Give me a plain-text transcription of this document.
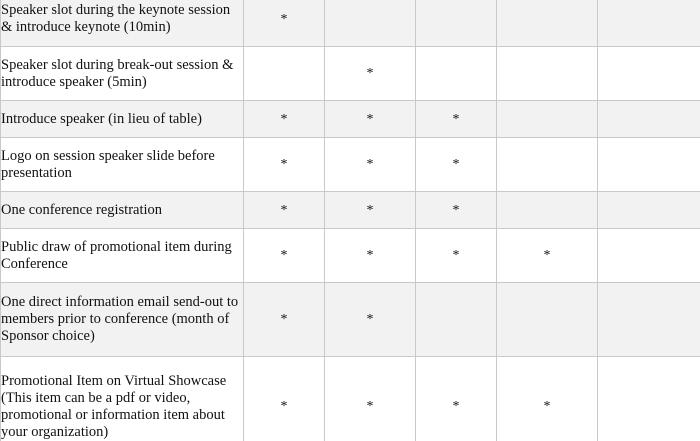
Speaker slot during the keynote session & introduce keynote (10min)	*				
Speaker slot during break-out session & introduce speaker (5min)		*			
Introduce speaker (in lieu of table)	*	*	*		
Logo on session speaker slide before presentation	*	*	*		
One conference registration	*	*	*		
Public draw of promotional item during Conference	*	*	*	*	
One direct information email send-out to members prior to conference (month of Sponsor choice)	*	*			
Promotional Item on Virtual Showcase (This item can be a pdf or video, promotional or information item about your organization)	*	*	*	*	
